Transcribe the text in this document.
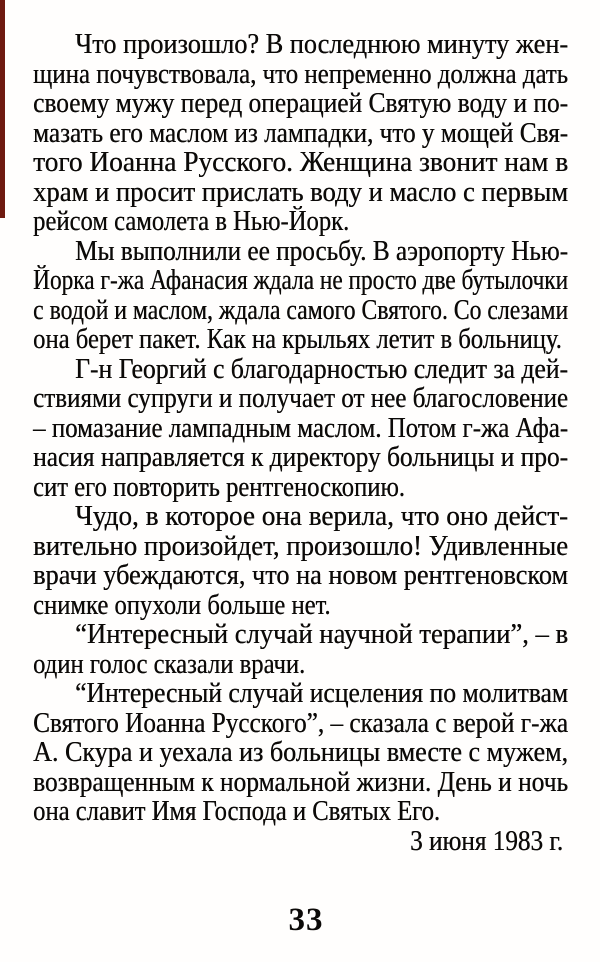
Что произошло? В последнюю минуту жен-
щина почувствовала, что непременно должна дать
своему мужу перед операцией Святую воду и по-
мазать его маслом из лампадки, что у мощей Свя-
того Иоанна Русского. Женщина звонит нам в
храм и просит прислать воду и масло с первым
рейсом самолета в Нью-Йорк.
Мы выполнили ее просьбу. В аэропорту Нью-
Йорка г-жа Афанасия ждала не просто две бутылочки
с водой и маслом, ждала самого Святого. Со слезами
она берет пакет. Как на крыльях летит в больницу.
Г-н Георгий с благодарностью следит за дей-
ствиями супруги и получает от нее благословение
– помазание лампадным маслом. Потом г-жа Афа-
насия направляется к директору больницы и про-
сит его повторить рентгеноскопию.
Чудо, в которое она верила, что оно дейст-
вительно произойдет, произошло! Удивленные
врачи убеждаются, что на новом рентгеновском
снимке опухоли больше нет.
“Интересный случай научной терапии”, – в
один голос сказали врачи.
“Интересный случай исцеления по молитвам
Святого Иоанна Русского”, – сказала с верой г-жа
А. Скура и уехала из больницы вместе с мужем,
возвращенным к нормальной жизни. День и ночь
она славит Имя Господа и Святых Его.
3 июня 1983 г.
33
